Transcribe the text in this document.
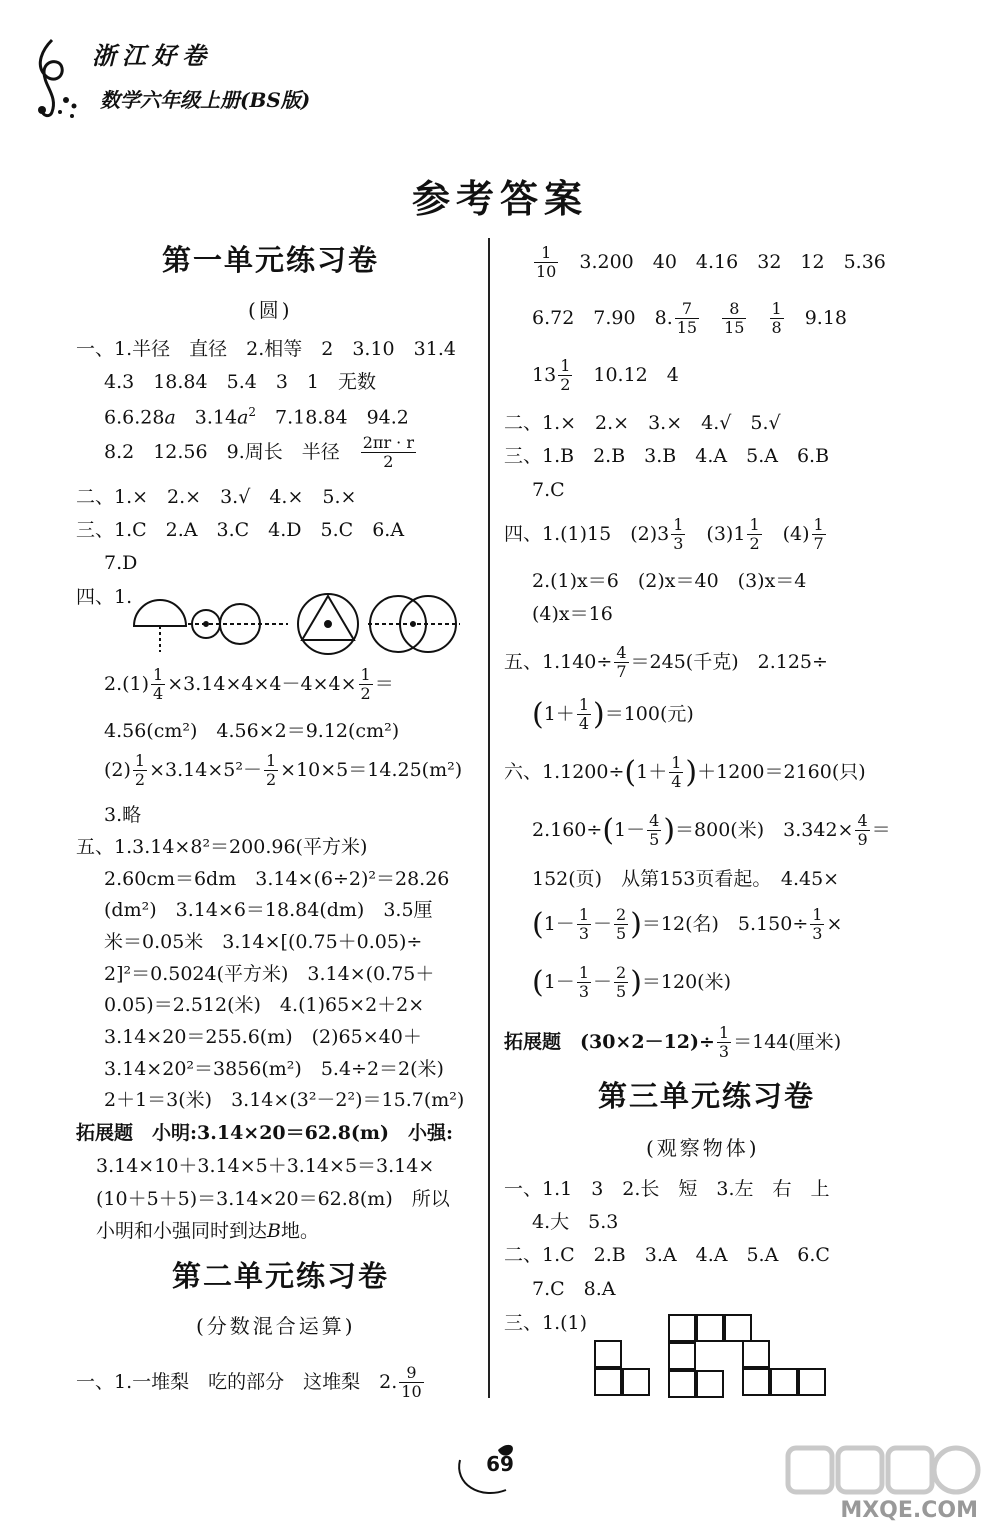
浙江好卷
数学六年级上册(BS版)
参考答案
第一单元练习卷
(圆)
一、1.半径　直径　2.相等　2　3.10　31.4
4.3　18.84　5.4　3　1　无数
6.6.28a　$3.14a^2$　7.18.84　94.2
8.2　12.56　9.周长　半径　 $\frac{2\pi r \cdot r}{2}$
二、1.×　2.×　3.√　4.×　5.×
三、1.C　2.A　3.C　4.D　5.C　6.A
7.D
四、1.
$2.(1) \frac{1}{4} \times 3.14\times 4\times 4-4\times 4\times \frac{1}{2}$ ＝
4.56(cm²)　4.56×2＝9.12(cm²)
$(2) \frac{1}{2} \times 3.14\times 5^2- \frac{1}{2} \times 10\times 5=14.25(m^2)$
3.略
五、1.3.14×8²＝200.96(平方米)
2.60cm＝6dm　3.14×(6÷2)²＝28.26
(dm²)　3.14×6＝18.84(dm)　3.5厘
米＝0.05米　3.14×[(0.75＋0.05)÷
2]²＝0.5024(平方米)　3.14×(0.75＋
0.05)＝2.512(米)　4.(1)65×2＋2×
3.14×20＝255.6(m)　(2)65×40＋
3.14×20²＝3856(m²)　5.4÷2＝2(米)
2＋1＝3(米)　3.14×(3²－2²)＝15.7(m²)
拓展题　小明:3.14×20＝62.8(m)　小强:
3.14×10＋3.14×5＋3.14×5＝3.14×
(10＋5＋5)＝3.14×20＝62.8(m)　所以
小明和小强同时到达B地。
第二单元练习卷
(分数混合运算)
一、1.一堆梨　吃的部分　这堆梨　2. $\frac{9}{10}$
$\frac{1}{10}$ 　3.200　40　4.16　32　12　5.36
6.72　7.90　8. $\frac{7}{15}$
　 $\frac{8}{15}$
　 $\frac{1}{8}$ 　9.18
$13 \frac{1}{2}$ 　10.12　4
二、1.×　2.×　3.×　4.√　5.√
三、1.B　2.B　3.B　4.A　5.A　6.B
7.C
四、1.(1)15　$(2)3 \frac{1}{3}$ 　$(3)1 \frac{1}{2}$ 　$(4) \frac{1}{7}$
2.(1)x＝6　(2)x＝40　(3)x＝4
(4)x＝16
五、$1.140\div \frac{4}{7} =245$(千克)　2.125÷
$(1+ \frac{1}{4} )=100$(元)
六、$1.1200\div(1+ \frac{1}{4} )+1200=2160$(只)
$2.160\div(1- \frac{4}{5} )=800$(米)　$3.342\times \frac{4}{9}$ ＝
152(页)　从第153页看起。　4.45×
$(1- \frac{1}{3} - \frac{2}{5} )=12$(名)　$5.150\div \frac{1}{3}$ ×
$(1- \frac{1}{3} - \frac{2}{5} )=120$(米)
拓展题　$(30\times 2-12)\div \frac{1}{3} =144$(厘米)
第三单元练习卷
(观察物体)
一、1.1　3　2.长　短　3.左　右　上
4.大　5.3
二、1.C　2.B　3.A　4.A　5.A　6.C
7.C　8.A
三、1.(1)
69
MXQE.COM
